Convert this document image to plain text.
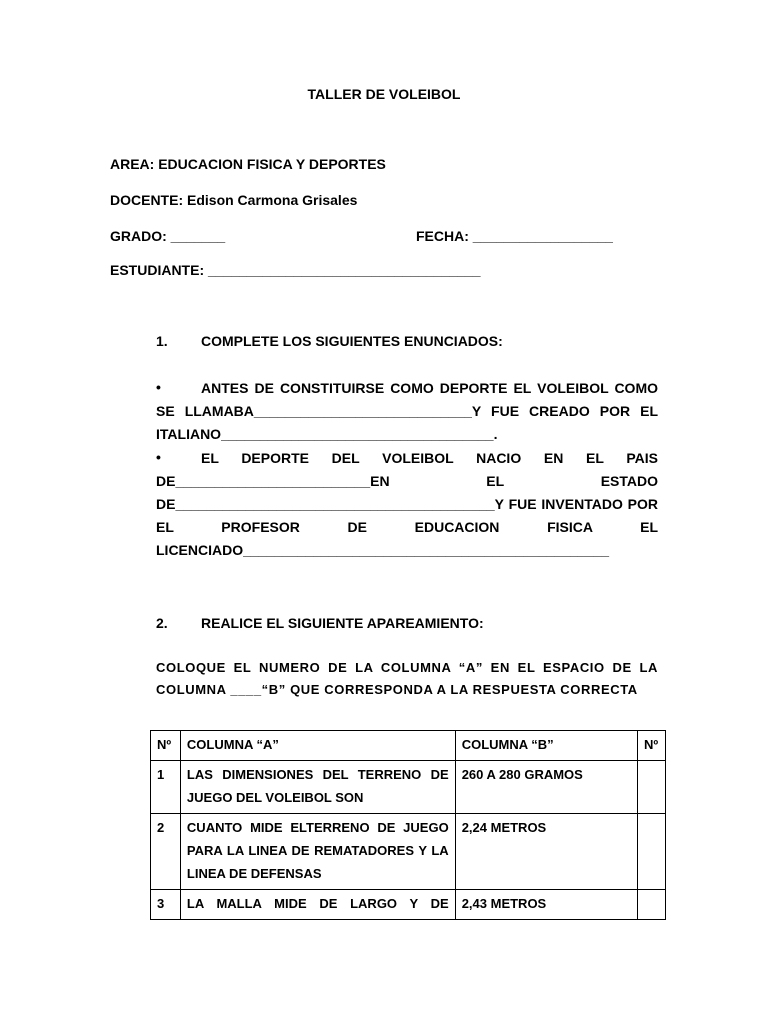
TALLER DE VOLEIBOL
AREA: EDUCACION FISICA Y DEPORTES
DOCENTE: Edison Carmona Grisales
GRADO: _______	FECHA: __________________
ESTUDIANTE: ___________________________________
1. COMPLETE LOS SIGUIENTES ENUNCIADOS:
•	ANTES DE CONSTITUIRSE COMO DEPORTE EL VOLEIBOL COMO
SE LLAMABA____________________________Y FUE CREADO POR EL
ITALIANO___________________________________.
•	EL DEPORTE DEL VOLEIBOL NACIO EN EL PAIS
DE_________________________EN EL ESTADO
DE_________________________________________Y FUE INVENTADO POR
EL PROFESOR DE EDUCACION FISICA EL
LICENCIADO_______________________________________________
2. REALICE EL SIGUIENTE APAREAMIENTO:
COLOQUE EL NUMERO DE LA COLUMNA “A” EN EL ESPACIO DE LA
COLUMNA ____“B” QUE CORRESPONDA A LA RESPUESTA CORRECTA
Nº	COLUMNA “A”	COLUMNA “B”	Nº
1	LAS DIMENSIONES DEL TERRENO DE JUEGO DEL VOLEIBOL SON	260 A 280 GRAMOS	
2	CUANTO MIDE ELTERRENO DE JUEGO PARA LA LINEA DE REMATADORES Y LA LINEA DE DEFENSAS	2,24 METROS	
3	LA MALLA MIDE DE LARGO Y DE	2,43 METROS	
